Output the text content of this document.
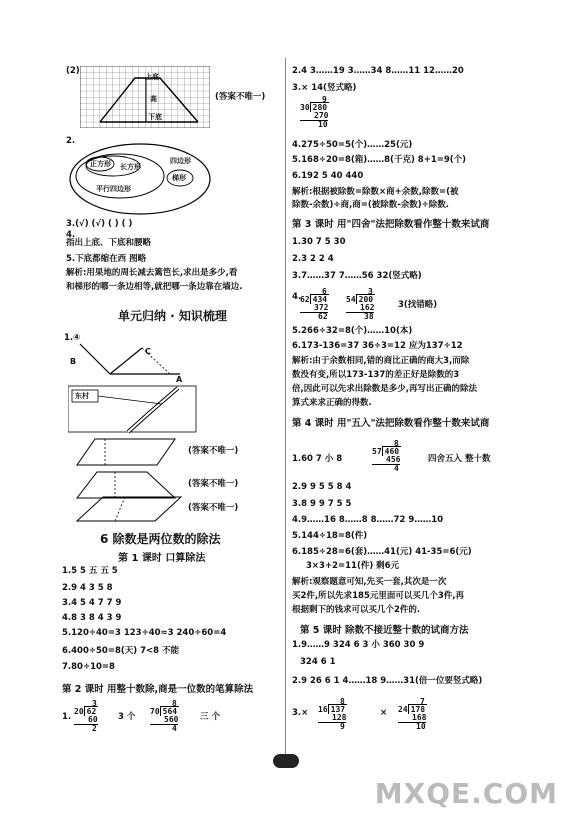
(2)
上底
高
下底
(答案不唯一)
2.
正方形 长方形
四边形
平行四边形
梯形
3.(√) (√) ( ) ( )
4.
指出上底、下底和腰略
5.下底都缩在西 图略
解析:用果地的周长减去篱笆长,求出是多少,看
和梯形的哪一条边相等,就把哪一条边靠在墙边.
单元归纳 · 知识梳理
1.④
B
C
A
东村
(答案不唯一)
(答案不唯一)
(答案不唯一)
6 除数是两位数的除法
第 1 课时 口算除法
1.5 5 五 五 5
2.9 4 3 5 8
3.4 5 4 7 7 9
4.8 3 8 4 3 9
5.120÷40=3 123÷40≈3 240÷60=4
6.400÷50=8(天) 7<8 不能
7.80÷10=8
第 2 课时 用整十数除,商是一位数的笔算除法
1.
3
20 62
60
2
3 个
8
70 564
560
4
三 个
2.4 3……19 3……34 8……11 12……20
3.× 14(竖式略)
9
30 280
270
10
4.275÷50=5(个)……25(元)
5.168÷20=8(箱)……8(千克) 8+1=9(个)
6.192 5 40 440
解析:根据被除数=除数×商+余数,除数=(被
除数-余数)÷商,商=(被除数-余数)÷除数.
第 3 课时 用"四舍"法把除数看作整十数来试商
1.30 7 5 30
2.3 2 2 4
3.7……37 7……56 32(竖式略)
4.
6
62 434
372
62
3
54 200
162
38
3(找错略)
5.266÷32=8(个)……10(本)
6.173-136=37 36÷3=12 应为137÷12
解析:由于余数相同,错的商比正确的商大3,而除
数没有变,所以173-137的差正好是除数的3
倍,因此可以先求出除数是多少,再写出正确的除法
算式来求正确的得数.
第 4 课时 用"五入"法把除数看作整十数来试商
1.60 7 小 8
8
57 460
456
4
四舍五入 整十数
2.9 9 5 5 8 4
3.8 9 9 7 5 5
4.9……16 8……8 8……72 9……10
5.144÷18=8(件)
6.185÷28=6(套)……41(元) 41-35=6(元)
3×3+2=11(件) 剩6元
解析:观察题意可知,先买一套,其次是一次
买2件,所以先求185元里面可以买几个3件,再
根据剩下的钱求可以买几个2件的.
第 5 课时 除数不接近整十数的试商方法
1.9……9 324 6 3 小 360 30 9
324 6 1
2.9 26 6 1 4……18 9……31(倍一位要竖式略)
3.×
8
16 137
128
9
×
7
24 178
168
10
MXQE.COM
